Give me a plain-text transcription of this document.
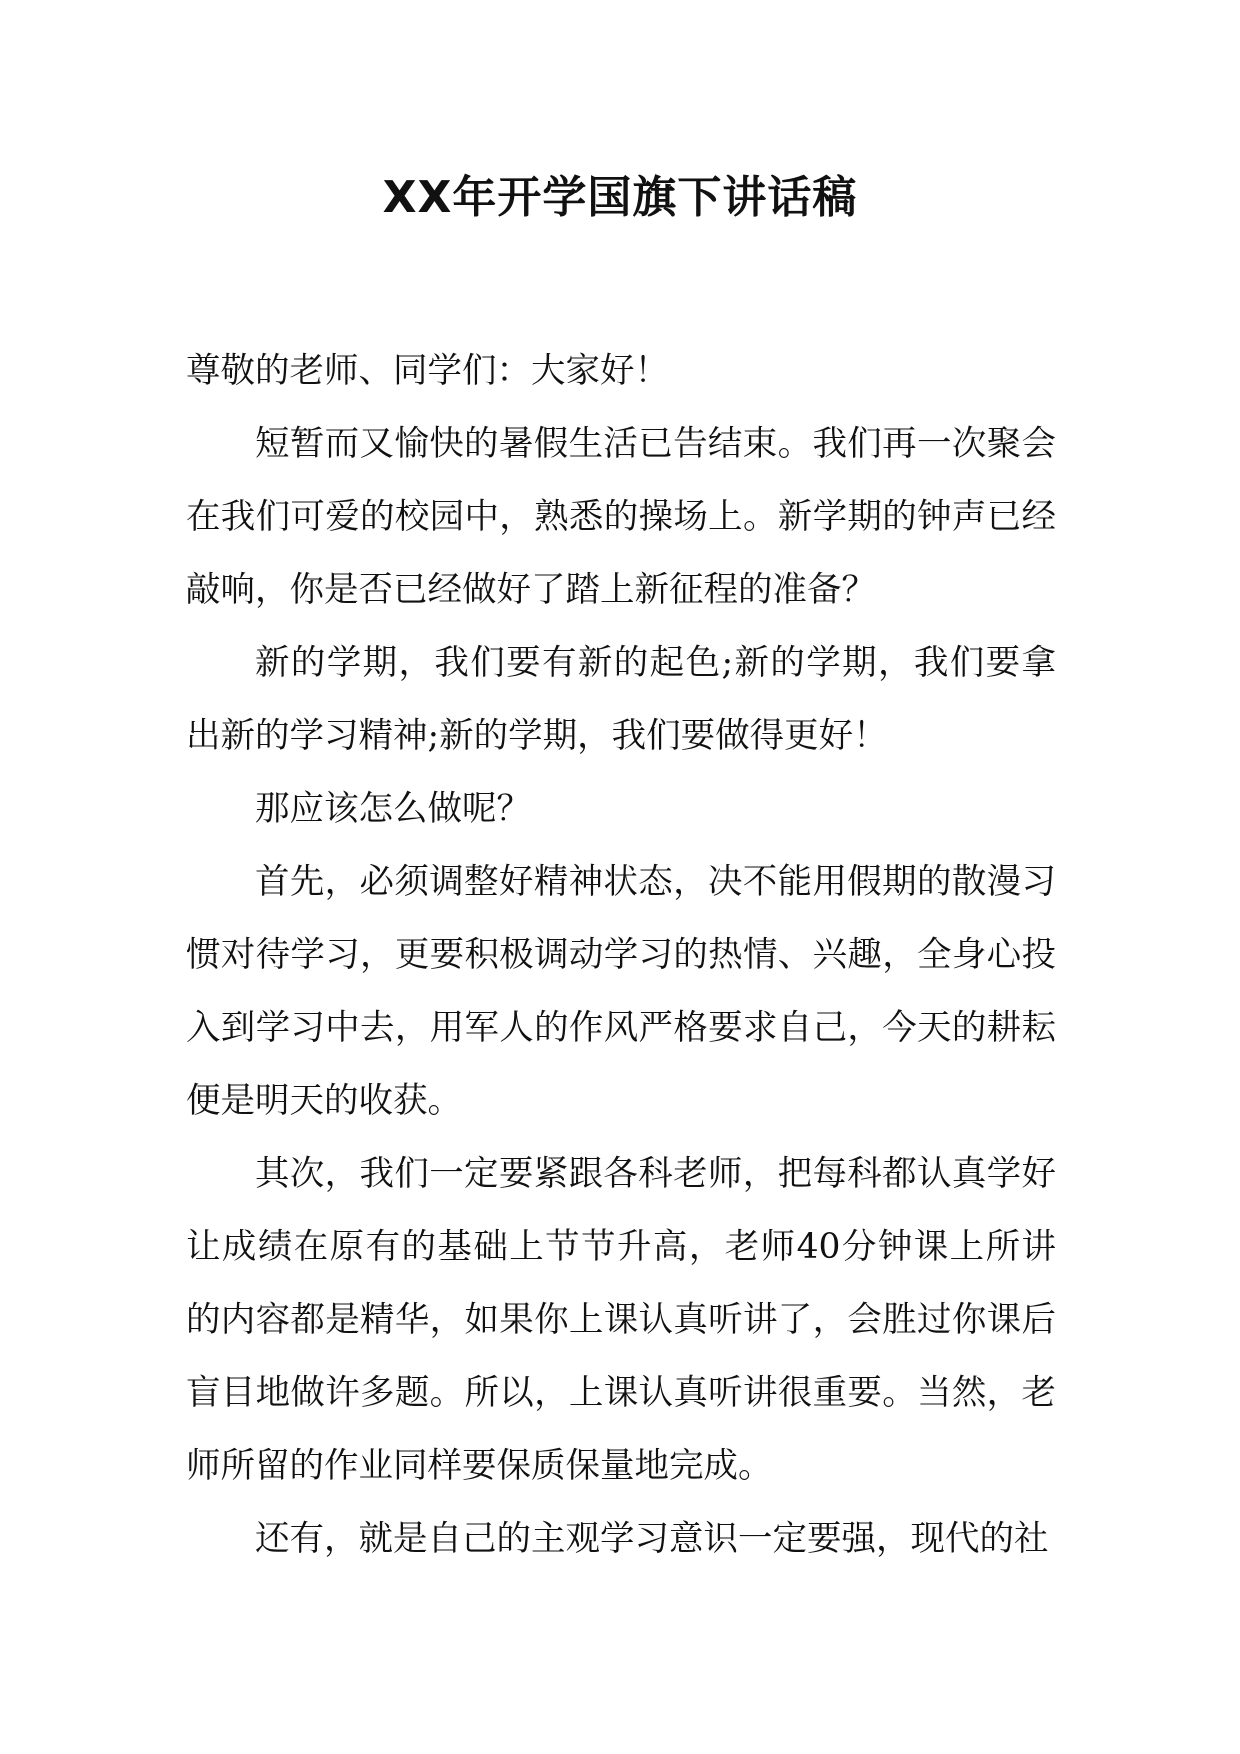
XX年开学国旗下讲话稿

尊敬的老师、同学们：大家好！

短暂而又愉快的暑假生活已告结束。我们再一次聚会在我们可爱的校园中，熟悉的操场上。新学期的钟声已经敲响，你是否已经做好了踏上新征程的准备？

新的学期，我们要有新的起色;新的学期，我们要拿出新的学习精神;新的学期，我们要做得更好！

那应该怎么做呢？

首先，必须调整好精神状态，决不能用假期的散漫习惯对待学习，更要积极调动学习的热情、兴趣，全身心投入到学习中去，用军人的作风严格要求自己，今天的耕耘便是明天的收获。

其次，我们一定要紧跟各科老师，把每科都认真学好让成绩在原有的基础上节节升高，老师40分钟课上所讲的内容都是精华，如果你上课认真听讲了，会胜过你课后盲目地做许多题。所以，上课认真听讲很重要。当然，老师所留的作业同样要保质保量地完成。

还有，就是自己的主观学习意识一定要强，现代的社
